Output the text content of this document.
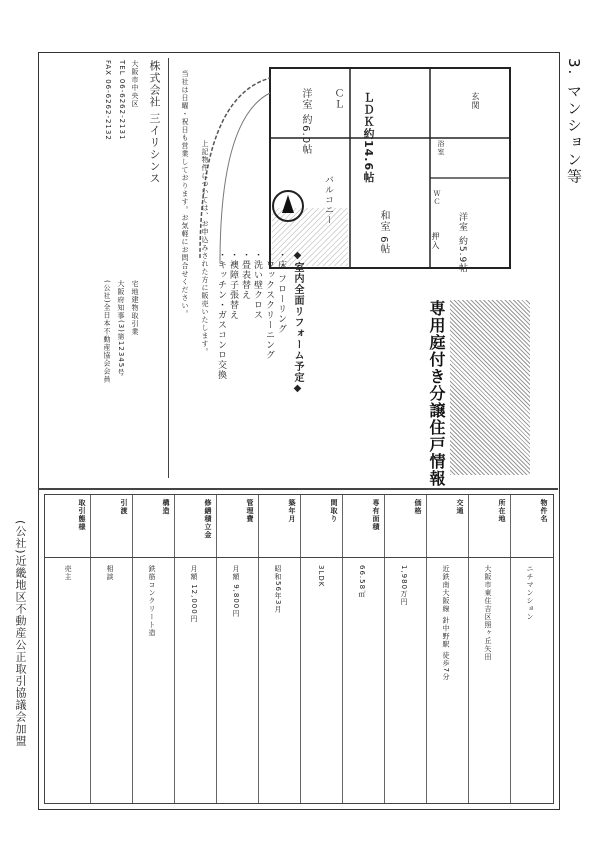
3. マンション等
(公社)近畿地区不動産公正取引協議会加盟
洋室 約6.0帖 ＣＬ ＬＤＫ約14.6帖
和室 6帖
バルコニー
玄関
押入 洋室 約5.9帖
ＷＣ
浴室
専用庭付き分譲住戸情報
◆室内全面リフォーム予定◆
・床 フローリング
・ワックスクリーニング
・洗い壁クロス
・畳表替え
・襖障子張替え
・キッチン・ガスコンロ交換
上記物件については、お申込みされた方に販売いたします。
当社は日曜・祝日も営業しております。お気軽にお問合せください。
株式会社 三イリシンス
大阪市中央区
TEL 06-6262-2131
FAX 06-6262-2132
宅地建物取引業
大阪府知事(3)第12345号
(公社)全日本不動産協会会員
物件名
ニチマンション
所在地
大阪市東住吉区照ヶ丘矢田
交通
近鉄南大阪線 針中野駅 徒歩7分
価格
1,980万円
専有面積
66.58㎡
間取り
3LDK
築年月
昭和56年3月
管理費
月額 9,800円
修繕積立金
月額 12,000円
構造
鉄筋コンクリート造
引渡
相談
取引態様
売主
